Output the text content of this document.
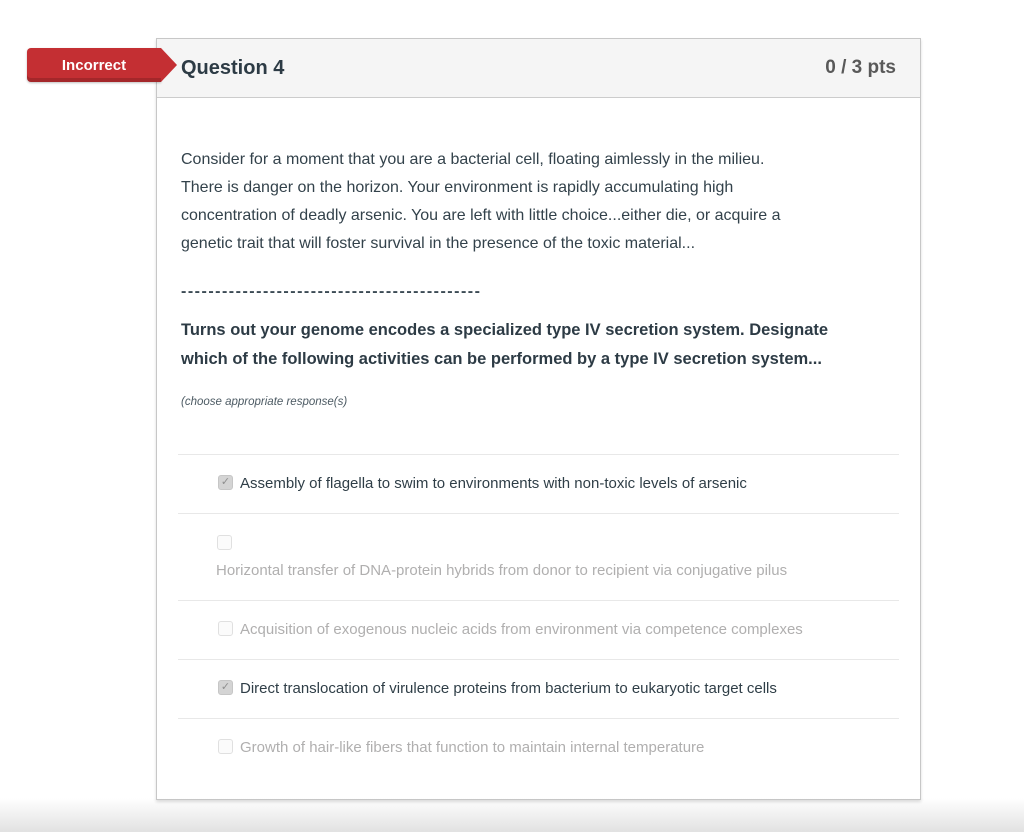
Incorrect	Question 4	0 / 3 pts
Consider for a moment that you are a bacterial cell, floating aimlessly in the milieu.
There is danger on the horizon. Your environment is rapidly accumulating high
concentration of deadly arsenic. You are left with little choice...either die, or acquire a
genetic trait that will foster survival in the presence of the toxic material...
--------------------------------------------
Turns out your genome encodes a specialized type IV secretion system. Designate
which of the following activities can be performed by a type IV secretion system...
(choose appropriate response(s)
✓ Assembly of flagella to swim to environments with non-toxic levels of arsenic
Horizontal transfer of DNA-protein hybrids from donor to recipient via conjugative pilus
Acquisition of exogenous nucleic acids from environment via competence complexes
✓ Direct translocation of virulence proteins from bacterium to eukaryotic target cells
Growth of hair-like fibers that function to maintain internal temperature
